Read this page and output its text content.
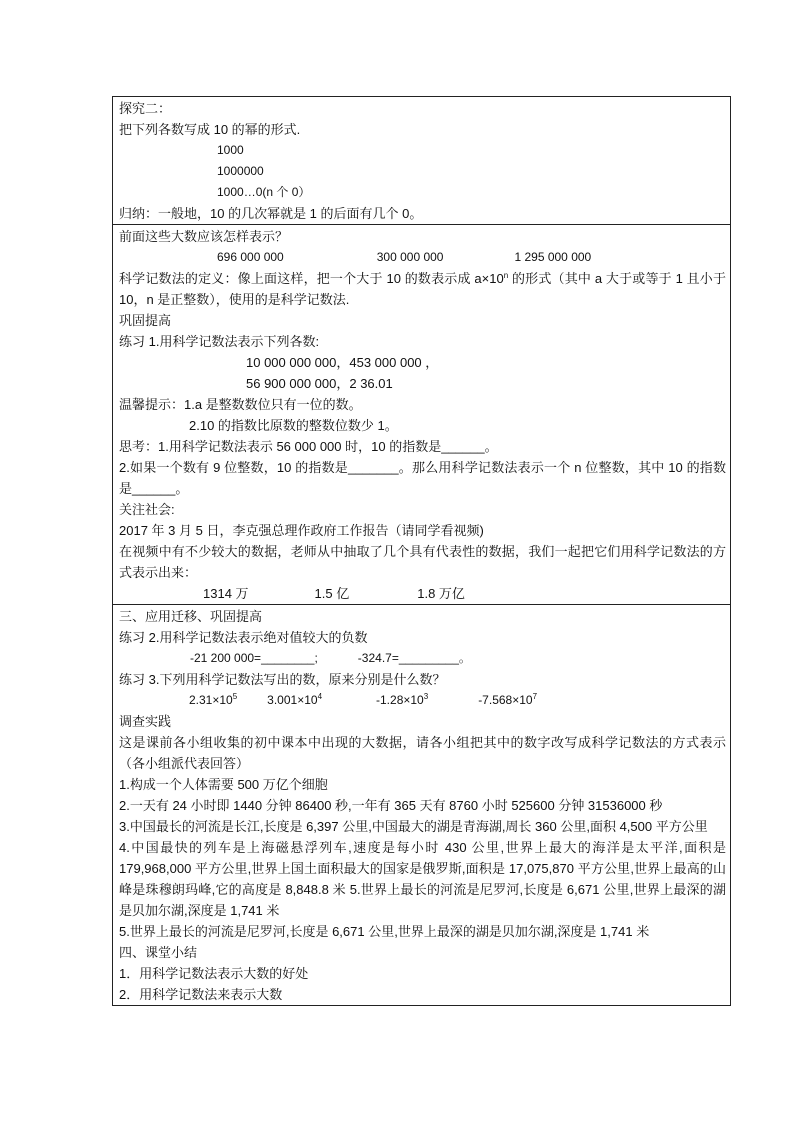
探究二：
把下列各数写成 10 的幂的形式.
1000
1000000
1000…0(n 个 0）
归纳：一般地，10 的几次幂就是 1 的后面有几个 0。
前面这些大数应该怎样表示？
696 000 000	300 000 000	1 295 000 000
科学记数法的定义：像上面这样，把一个大于 10 的数表示成 $a\times 10^n$ 的形式（其中 a 大于或等于 1 且小于 10，n 是正整数），使用的是科学记数法.
巩固提高
练习 1.用科学记数法表示下列各数:
10 000 000 000，453 000 000 ，
56 900 000 000，2 36.01
温馨提示：1.a 是整数数位只有一位的数。
2.10 的指数比原数的整数位数少 1。
思考：1.用科学记数法表示 56 000 000 时，10 的指数是______。
2.如果一个数有 9 位整数，10 的指数是_______。那么用科学记数法表示一个 n 位整数，其中 10 的指数是______。
关注社会:
2017 年 3 月 5 日，李克强总理作政府工作报告（请同学看视频)
在视频中有不少较大的数据，老师从中抽取了几个具有代表性的数据，我们一起把它们用科学记数法的方式表示出来：
1314 万	1.5 亿	1.8 万亿
三、应用迁移、巩固提高
练习 2.用科学记数法表示绝对值较大的负数
-21 200 000=________;	-324.7=_________。
练习 3.下列用科学记数法写出的数，原来分别是什么数？
$2.31\times 10^5$	$3.001\times 10^4$	$-1.28\times 10^3$	$-7.568\times 10^7$
调查实践
这是课前各小组收集的初中课本中出现的大数据，请各小组把其中的数字改写成科学记数法的方式表示（各小组派代表回答）
1.构成一个人体需要 500 万亿个细胞
2.一天有 24 小时即 1440 分钟 86400 秒,一年有 365 天有 8760 小时 525600 分钟 31536000 秒
3.中国最长的河流是长江,长度是 6,397 公里,中国最大的湖是青海湖,周长 360 公里,面积 4,500 平方公里
4.中国最快的列车是上海磁悬浮列车,速度是每小时 430 公里,世界上最大的海洋是太平洋,面积是 179,968,000 平方公里,世界上国土面积最大的国家是俄罗斯,面积是 17,075,870 平方公里,世界上最高的山峰是珠穆朗玛峰,它的高度是 8,848.8 米 5.世界上最长的河流是尼罗河,长度是 6,671 公里,世界上最深的湖是贝加尔湖,深度是 1,741 米
5.世界上最长的河流是尼罗河,长度是 6,671 公里,世界上最深的湖是贝加尔湖,深度是 1,741 米
四、课堂小结
1．用科学记数法表示大数的好处
2．用科学记数法来表示大数
